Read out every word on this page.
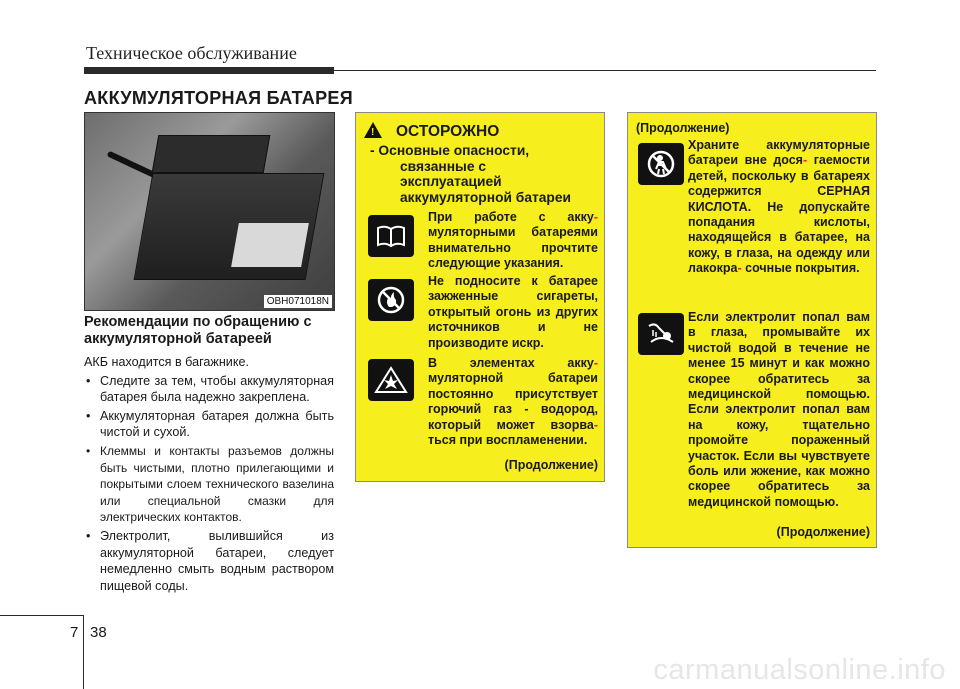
Техническое обслуживание
АККУМУЛЯТОРНАЯ БАТАРЕЯ
OBH071018N
Рекомендации по обращению с аккумуляторной батареей

АКБ находится в багажнике.

• Следите за тем, чтобы аккумуляторная батарея была надежно закреплена.
• Аккумуляторная батарея должна быть чистой и сухой.
• Клеммы и контакты разъемов должны быть чистыми, плотно прилегающими и покрытыми слоем технического вазелина или специальной смазки для электрических контактов.
• Электролит, вылившийся из аккумуляторной батареи, следует немедленно смыть водным раствором пищевой соды.
! ОСТОРОЖНО
- Основные опасности,
связанные с
эксплуатацией
аккумуляторной батареи
При работе с акку- муляторными батареями внимательно прочтите следующие указания.
Не подносите к батарее зажженные сигареты, открытый огонь из других источников и не производите искр.
В элементах акку- муляторной батареи постоянно присутствует горючий газ - водород, который может взорва- ться при воспламенении.
(Продолжение)
(Продолжение)
Храните аккумуляторные батареи вне дося- гаемости детей, поскольку в батареях содержится СЕРНАЯ КИСЛОТА. Не допускайте попадания кислоты, находящейся в батарее, на кожу, в глаза, на одежду или лакокра- сочные покрытия.
Если электролит попал вам в глаза, промывайте их чистой водой в течение не менее 15 минут и как можно скорее обратитесь за медицинской помощью. Если электролит попал вам на кожу, тщательно промойте пораженный участок. Если вы чувствуете боль или жжение, как можно скорее обратитесь за медицинской помощью.
(Продолжение)
7 38
carmanualsonline.info
